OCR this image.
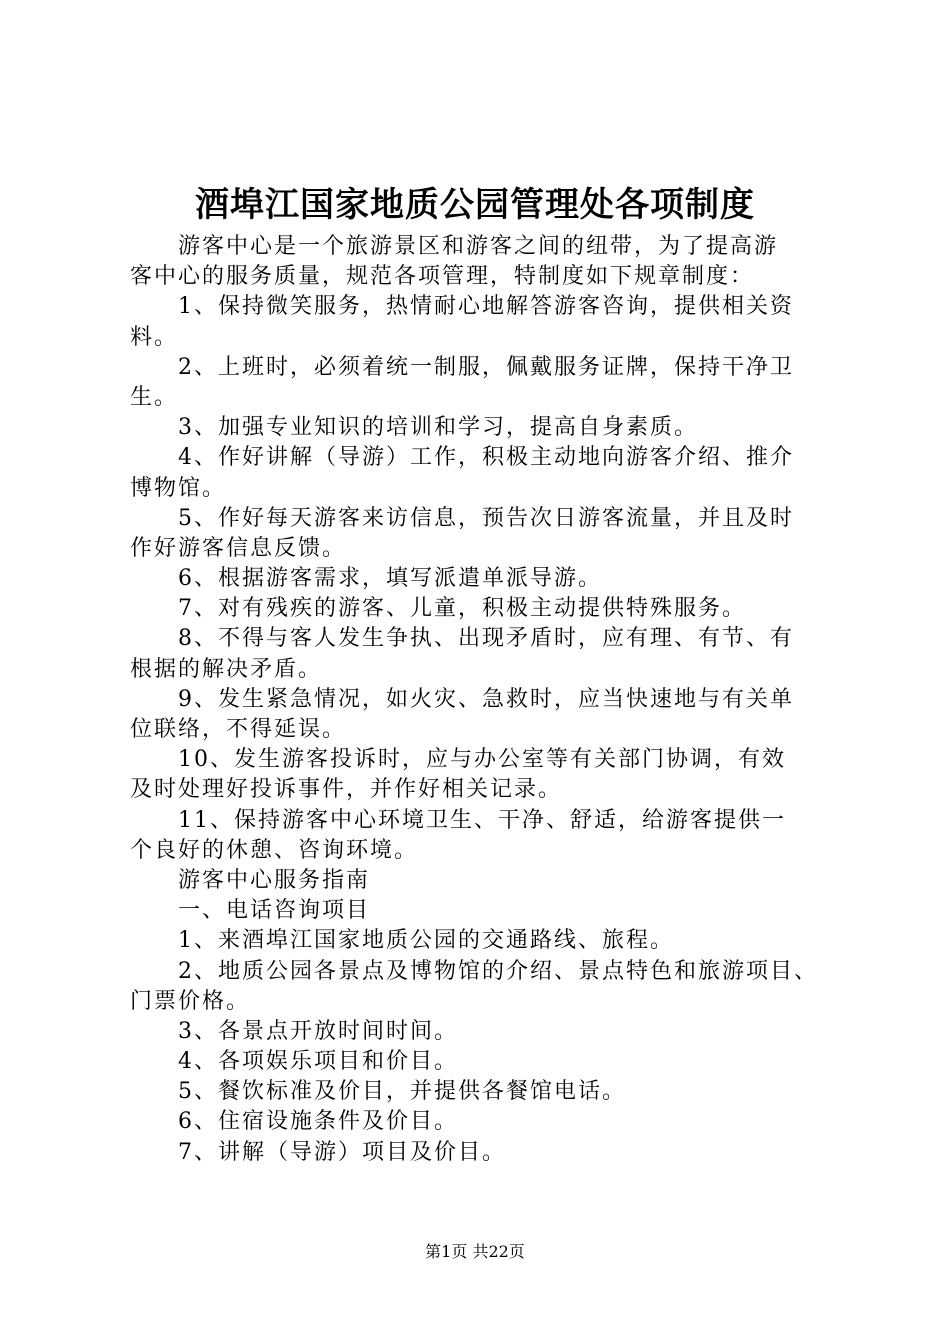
酒埠江国家地质公园管理处各项制度
游客中心是一个旅游景区和游客之间的纽带，为了提高游
客中心的服务质量，规范各项管理，特制度如下规章制度：
1、保持微笑服务，热情耐心地解答游客咨询，提供相关资
料。
2、上班时，必须着统一制服，佩戴服务证牌，保持干净卫
生。
3、加强专业知识的培训和学习，提高自身素质。
4、作好讲解（导游）工作，积极主动地向游客介绍、推介
博物馆。
5、作好每天游客来访信息，预告次日游客流量，并且及时
作好游客信息反馈。
6、根据游客需求，填写派遣单派导游。
7、对有残疾的游客、儿童，积极主动提供特殊服务。
8、不得与客人发生争执、出现矛盾时，应有理、有节、有
根据的解决矛盾。
9、发生紧急情况，如火灾、急救时，应当快速地与有关单
位联络，不得延误。
10、发生游客投诉时，应与办公室等有关部门协调，有效
及时处理好投诉事件，并作好相关记录。
11、保持游客中心环境卫生、干净、舒适，给游客提供一
个良好的休憩、咨询环境。
游客中心服务指南
一、电话咨询项目
1、来酒埠江国家地质公园的交通路线、旅程。
2、地质公园各景点及博物馆的介绍、景点特色和旅游项目、
门票价格。
3、各景点开放时间时间。
4、各项娱乐项目和价目。
5、餐饮标准及价目，并提供各餐馆电话。
6、住宿设施条件及价目。
7、讲解（导游）项目及价目。
第1页 共22页
